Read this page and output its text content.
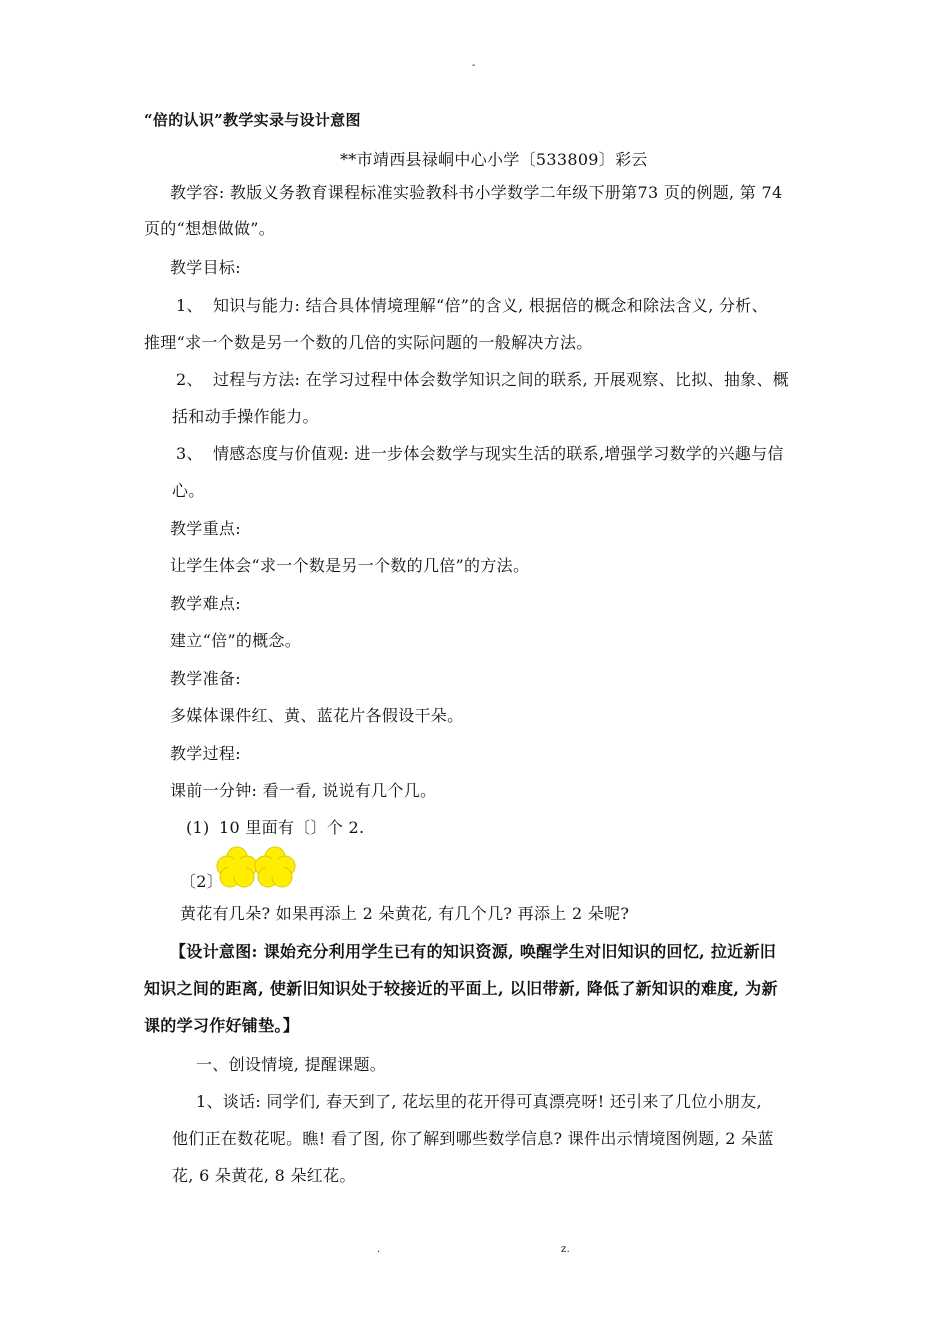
-
“倍的认识”教学实录与设计意图
**市靖西县禄峒中心小学〔533809〕彩云
教学容: 教版义务教育课程标准实验教科书小学数学二年级下册第73 页的例题, 第 74
页的“想想做做”。
教学目标:
1、 知识与能力: 结合具体情境理解“倍”的含义, 根据倍的概念和除法含义, 分析、
推理“求一个数是另一个数的几倍的实际问题的一般解决方法。
2、 过程与方法: 在学习过程中体会数学知识之间的联系, 开展观察、比拟、抽象、概
括和动手操作能力。
3、 情感态度与价值观: 进一步体会数学与现实生活的联系,增强学习数学的兴趣与信
心。
教学重点:
让学生体会“求一个数是另一个数的几倍”的方法。
教学难点:
建立“倍”的概念。
教学准备:
多媒体课件红、黄、蓝花片各假设干朵。
教学过程:
课前一分钟: 看一看, 说说有几个几。
(1) 10 里面有〔〕个 2.
〔2〕
黄花有几朵? 如果再添上 2 朵黄花, 有几个几? 再添上 2 朵呢?
【设计意图: 课始充分利用学生已有的知识资源, 唤醒学生对旧知识的回忆, 拉近新旧
知识之间的距离, 使新旧知识处于较接近的平面上, 以旧带新, 降低了新知识的难度, 为新
课的学习作好铺垫。】
一、创设情境, 提醒课题。
1、谈话: 同学们, 春天到了, 花坛里的花开得可真漂亮呀! 还引来了几位小朋友,
他们正在数花呢。瞧! 看了图, 你了解到哪些数学信息? 课件出示情境图例题, 2 朵蓝
花, 6 朵黄花, 8 朵红花。
.	z.
